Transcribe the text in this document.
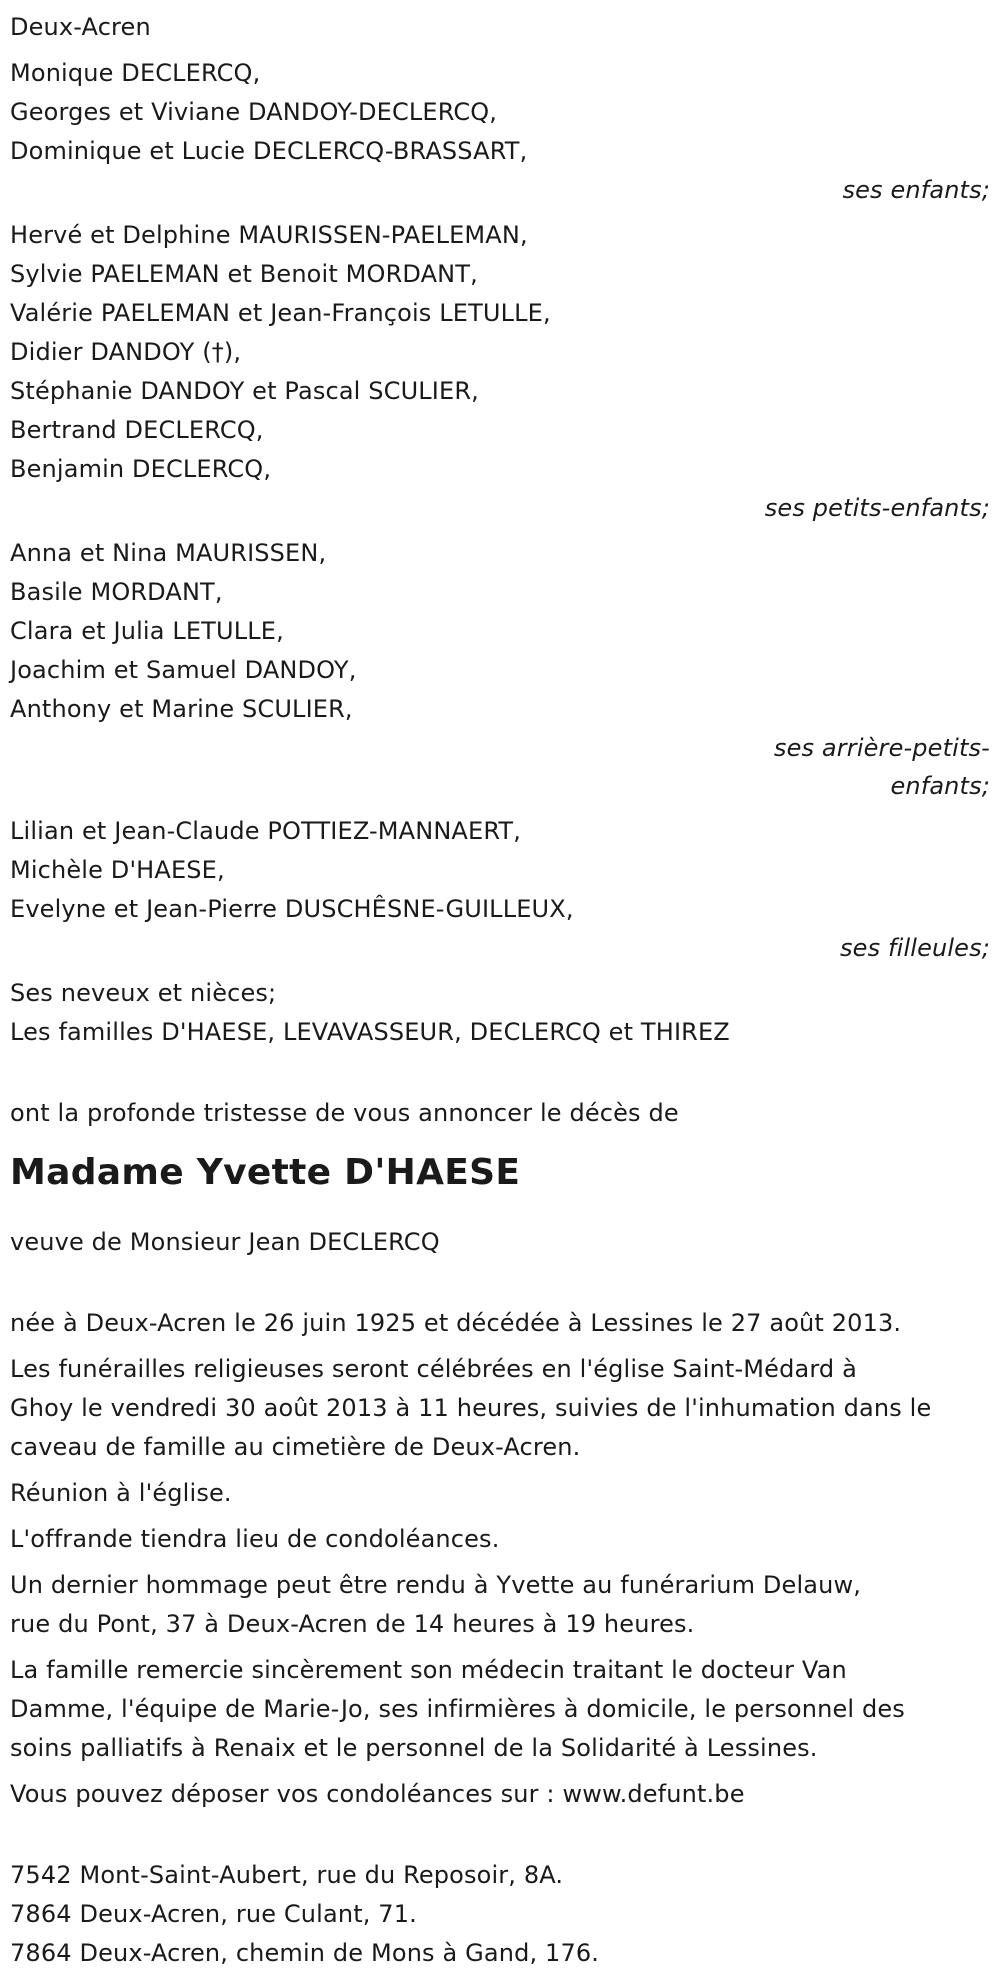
Deux-Acren
Monique DECLERCQ,
Georges et Viviane DANDOY-DECLERCQ,
Dominique et Lucie DECLERCQ-BRASSART,
ses enfants;
Hervé et Delphine MAURISSEN-PAELEMAN,
Sylvie PAELEMAN et Benoit MORDANT,
Valérie PAELEMAN et Jean-François LETULLE,
Didier DANDOY (†),
Stéphanie DANDOY et Pascal SCULIER,
Bertrand DECLERCQ,
Benjamin DECLERCQ,
ses petits-enfants;
Anna et Nina MAURISSEN,
Basile MORDANT,
Clara et Julia LETULLE,
Joachim et Samuel DANDOY,
Anthony et Marine SCULIER,
ses arrière-petits-
enfants;
Lilian et Jean-Claude POTTIEZ-MANNAERT,
Michèle D'HAESE,
Evelyne et Jean-Pierre DUSCHÊSNE-GUILLEUX,
ses filleules;
Ses neveux et nièces;
Les familles D'HAESE, LEVAVASSEUR, DECLERCQ et THIREZ
ont la profonde tristesse de vous annoncer le décès de
Madame Yvette D'HAESE
veuve de Monsieur Jean DECLERCQ
née à Deux-Acren le 26 juin 1925 et décédée à Lessines le 27 août 2013.
Les funérailles religieuses seront célébrées en l'église Saint-Médard à
Ghoy le vendredi 30 août 2013 à 11 heures, suivies de l'inhumation dans le
caveau de famille au cimetière de Deux-Acren.
Réunion à l'église.
L'offrande tiendra lieu de condoléances.
Un dernier hommage peut être rendu à Yvette au funérarium Delauw,
rue du Pont, 37 à Deux-Acren de 14 heures à 19 heures.
La famille remercie sincèrement son médecin traitant le docteur Van
Damme, l'équipe de Marie-Jo, ses infirmières à domicile, le personnel des
soins palliatifs à Renaix et le personnel de la Solidarité à Lessines.
Vous pouvez déposer vos condoléances sur : www.defunt.be
7542 Mont-Saint-Aubert, rue du Reposoir, 8A.
7864 Deux-Acren, rue Culant, 71.
7864 Deux-Acren, chemin de Mons à Gand, 176.
